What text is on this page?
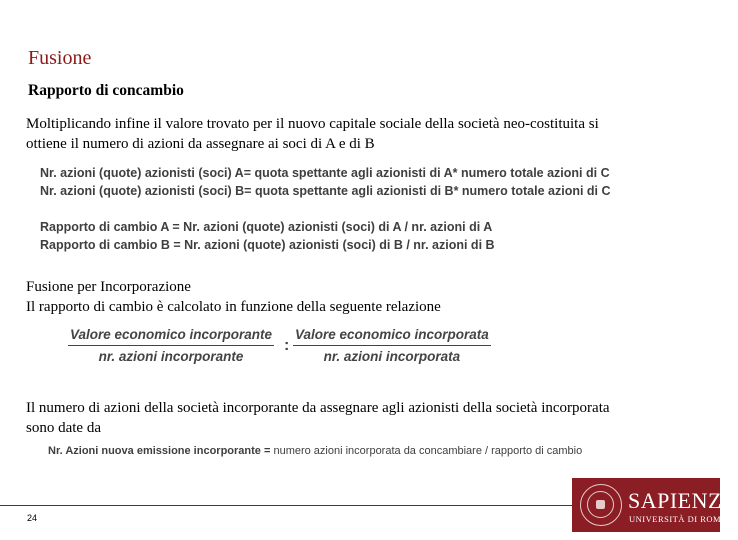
Fusione
Rapporto di concambio
Moltiplicando infine il valore trovato per il nuovo capitale sociale della società neo-costituita si
ottiene il numero di azioni da assegnare ai soci di A e di B
Nr. azioni (quote) azionisti (soci) A= quota spettante agli azionisti di A* numero totale azioni di C
Nr. azioni (quote) azionisti (soci) B= quota spettante agli azionisti di B* numero totale azioni di C
Rapporto di cambio A = Nr. azioni (quote) azionisti (soci) di A / nr. azioni di A
Rapporto di cambio B = Nr. azioni (quote) azionisti (soci) di B / nr. azioni di B
Fusione per Incorporazione
Il rapporto di cambio è calcolato in funzione della seguente relazione
Valore economico incorporante
nr. azioni incorporante
:
Valore economico incorporata
nr. azioni incorporata
Il numero di azioni della società incorporante da assegnare agli azionisti della società incorporata
sono date da
Nr. Azioni nuova emissione incorporante = numero azioni incorporata da concambiare / rapporto di cambio
24
SAPIENZA
UNIVERSITÀ DI ROMA
